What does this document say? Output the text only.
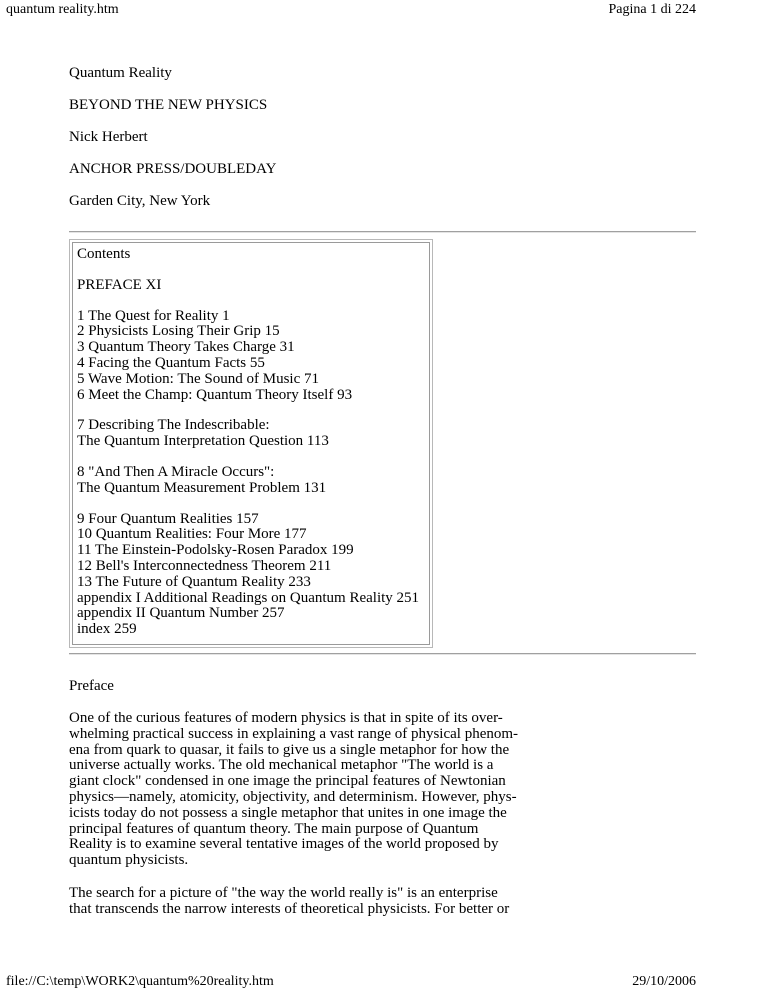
quantum reality.htm	Pagina 1 di 224
Quantum Reality
BEYOND THE NEW PHYSICS
Nick Herbert
ANCHOR PRESS/DOUBLEDAY
Garden City, New York
Contents
PREFACE XI
1 The Quest for Reality 1
2 Physicists Losing Their Grip 15
3 Quantum Theory Takes Charge 31
4 Facing the Quantum Facts 55
5 Wave Motion: The Sound of Music 71
6 Meet the Champ: Quantum Theory Itself 93
7 Describing The Indescribable:
The Quantum Interpretation Question 113
8 "And Then A Miracle Occurs":
The Quantum Measurement Problem 131
9 Four Quantum Realities 157
10 Quantum Realities: Four More 177
11 The Einstein-Podolsky-Rosen Paradox 199
12 Bell's Interconnectedness Theorem 211
13 The Future of Quantum Reality 233
appendix I Additional Readings on Quantum Reality 251
appendix II Quantum Number 257
index 259
Preface
One of the curious features of modern physics is that in spite of its over-
whelming practical success in explaining a vast range of physical phenom-
ena from quark to quasar, it fails to give us a single metaphor for how the
universe actually works. The old mechanical metaphor "The world is a
giant clock" condensed in one image the principal features of Newtonian
physics—namely, atomicity, objectivity, and determinism. However, phys-
icists today do not possess a single metaphor that unites in one image the
principal features of quantum theory. The main purpose of Quantum
Reality is to examine several tentative images of the world proposed by
quantum physicists.
The search for a picture of "the way the world really is" is an enterprise
that transcends the narrow interests of theoretical physicists. For better or
file://C:\temp\WORK2\quantum%20reality.htm	29/10/2006
